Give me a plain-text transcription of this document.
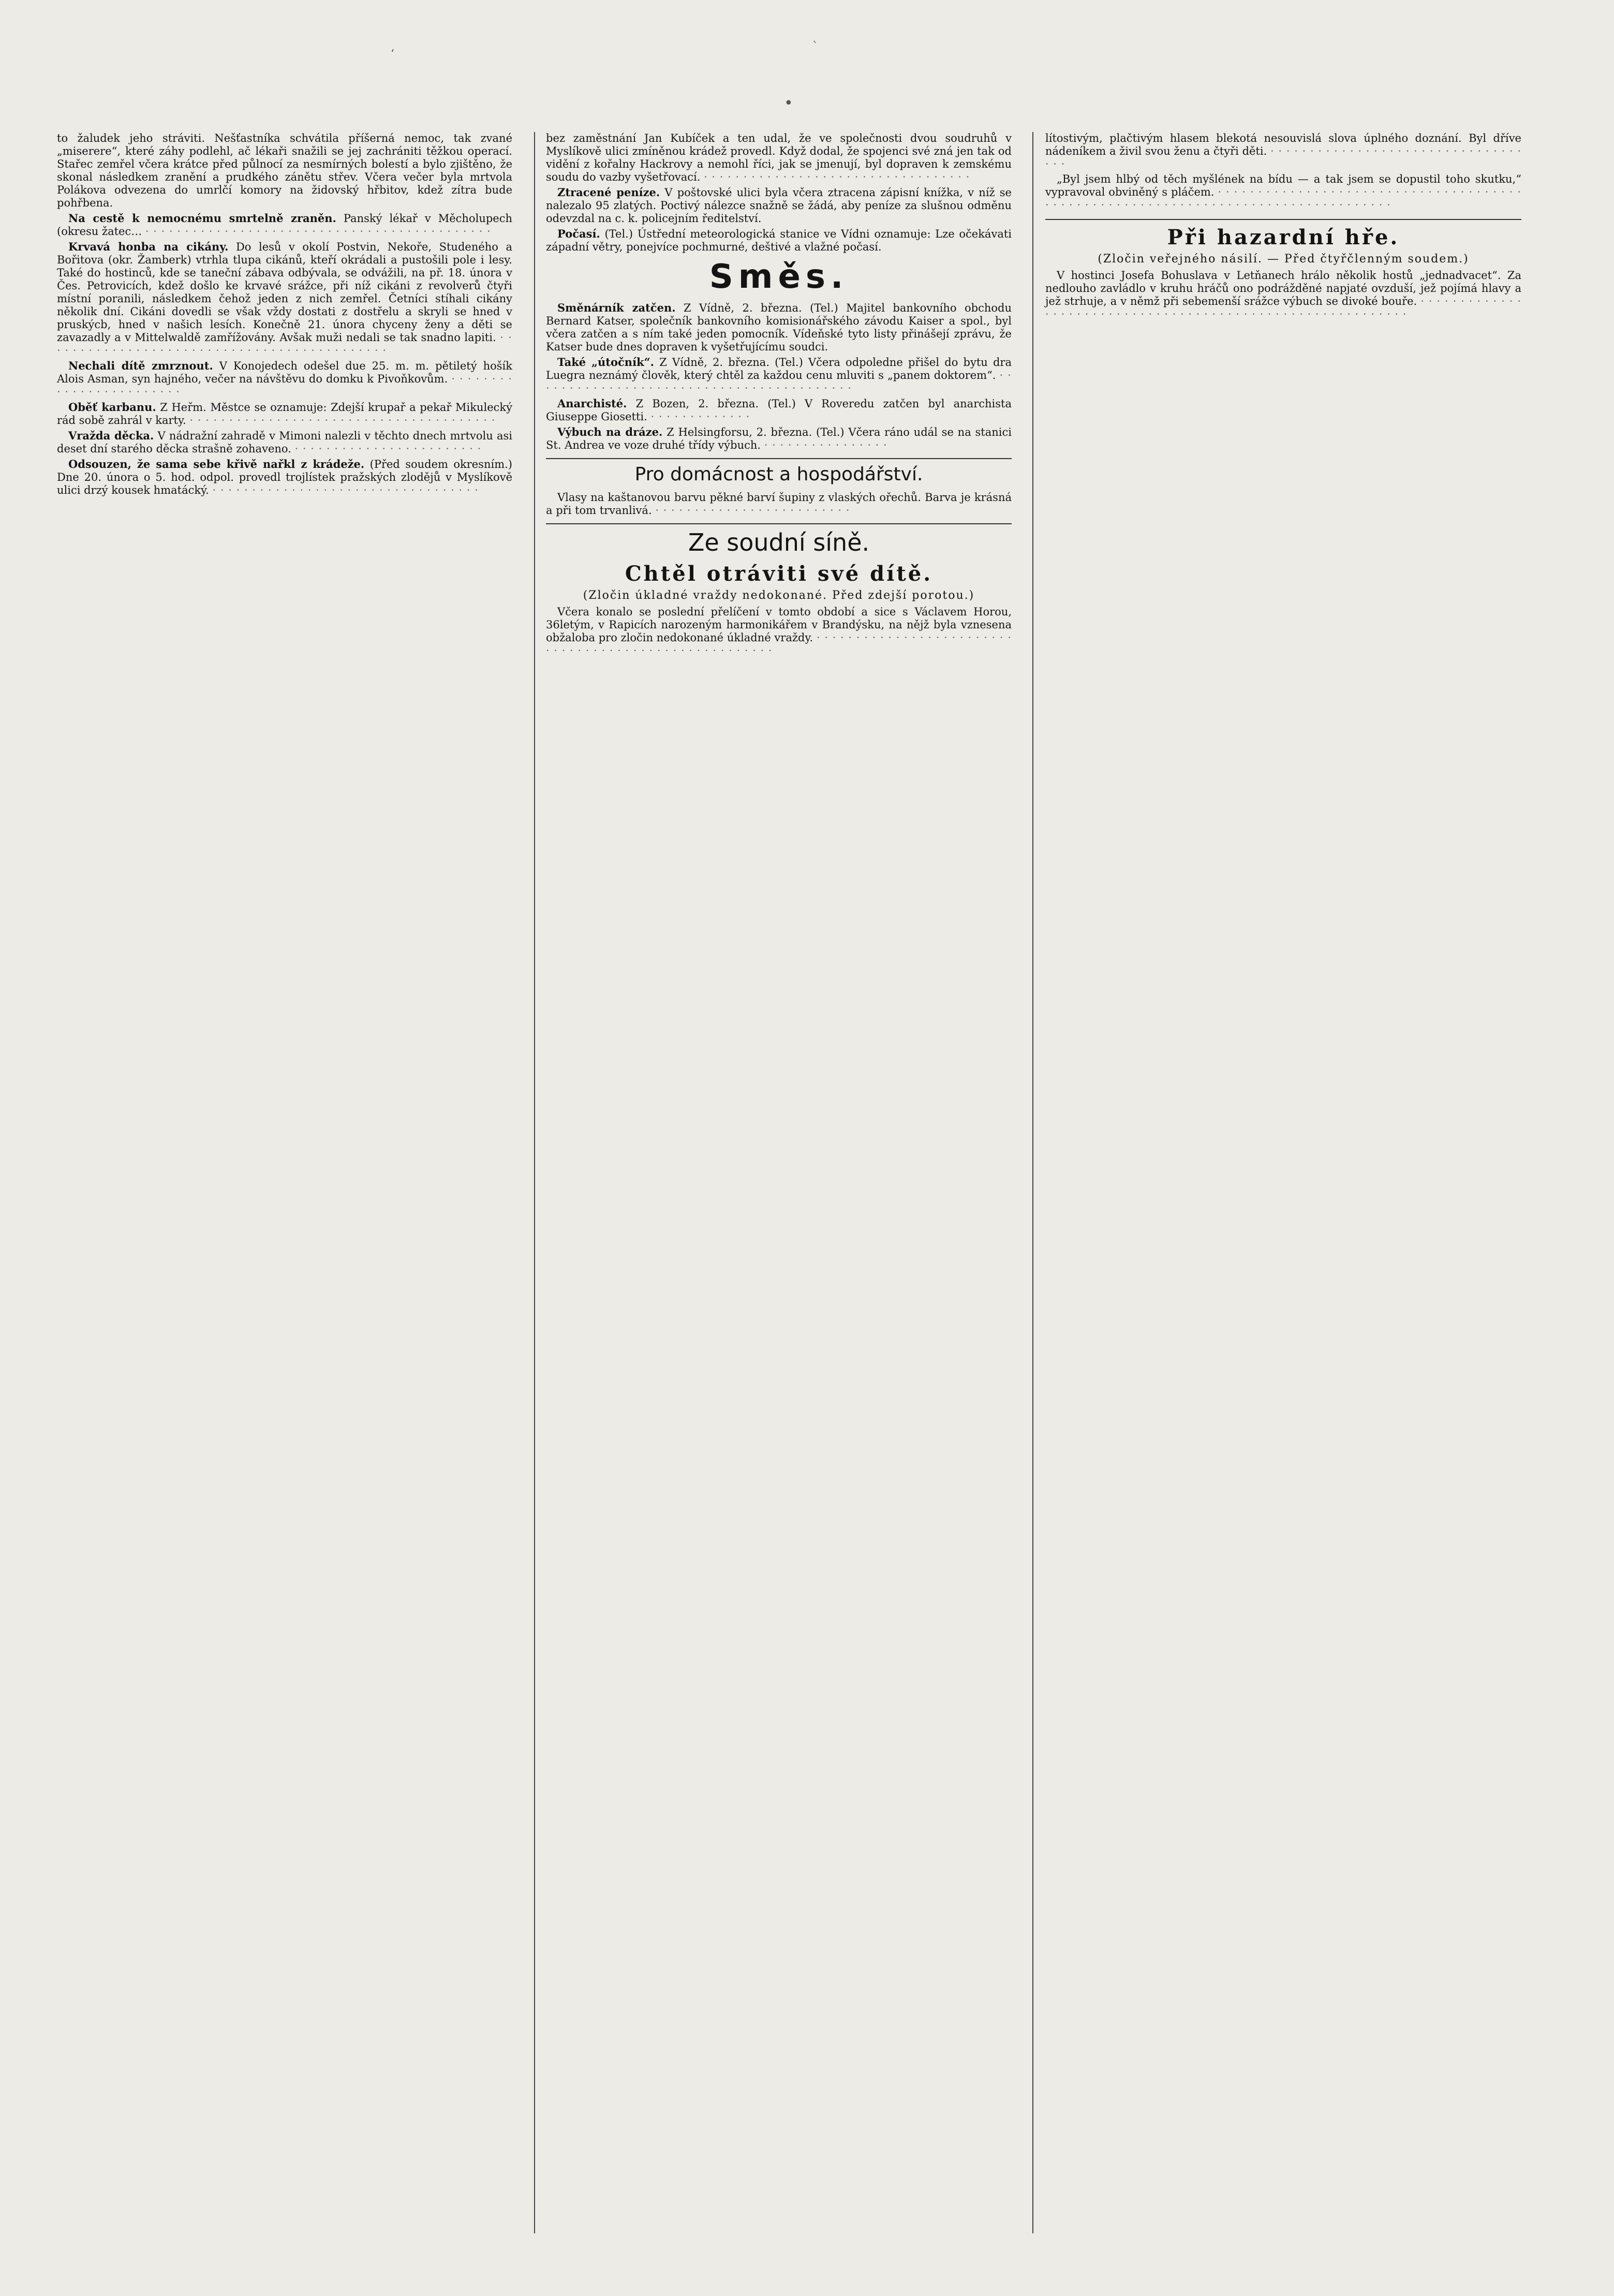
ʻ
•
ˋ

to žaludek jeho stráviti. Nešťastníka schvátila příšerná nemoc, tak zvané „miserere“, které záhy podlehl, ač lékaři snažili se jej zachrániti těžkou operací. Stařec zemřel včera krátce před půlnocí za nesmírných bolestí a bylo zjištěno, že skonal následkem zranění a prudkého zánětu střev. Včera večer byla mrtvola Polákova odvezena do umrlčí komory na židovský hřbitov, kdež zítra bude pohřbena.

Na cestě k nemocnému smrtelně zraněn. Panský lékař v Měcholupech (okresu žatec… · · · · · · · · · · · · · · · · · · · · · · · · · · · · · · · · · · · · · · · · · · · ·

Krvavá honba na cikány. Do lesů v okolí Postvin, Nekoře, Studeného a Bořitova (okr. Žamberk) vtrhla tlupa cikánů, kteří okrádali a pustošili pole i lesy. Také do hostinců, kde se taneční zábava odbývala, se odvážili, na př. 18. února v Čes. Petrovicích, kdež došlo ke krvavé srážce, při níž cikáni z revolverů čtyři místní poranili, následkem čehož jeden z nich zemřel. Četníci stíhali cikány několik dní. Cikáni dovedli se však vždy dostati z dostřelu a skryli se hned v pruskýcb, hned v našich lesích. Konečně 21. února chyceny ženy a děti se zavazadly a v Mittelwaldě zamřížovány. Avšak muži nedali se tak snadno lapiti. · · · · · · · · · · · · · · · · · · · · · · · · · · · · · · · · · · · · · · · · · · · ·

Nechali dítě zmrznout. V Konojedech odešel due 25. m. m. pětiletý hošík Alois Asman, syn hajného, večer na návštěvu do domku k Pivoňkovům. · · · · · · · · · · · · · · · · · · · · · · · ·

Oběť karbanu. Z Heřm. Městce se oznamuje: Zdejší krupař a pekař Mikulecký rád sobě zahrál v karty. · · · · · · · · · · · · · · · · · · · · · · · · · · · · · · · · · · · · · · ·

Vražda děcka. V nádražní zahradě v Mimoni nalezli v těchto dnech mrtvolu asi deset dní starého děcka strašně zohaveno. · · · · · · · · · · · · · · · · · · · · · · · ·

Odsouzen, že sama sebe křivě nařkl z krádeže. (Před soudem okresním.) Dne 20. února o 5. hod. odpol. provedl trojlístek pražských zlodějů v Myslíkově ulici drzý kousek hmatácký. · · · · · · · · · · · · · · · · · · · · · · · · · · · · · · · · · ·

bez zaměstnání Jan Kubíček a ten udal, že ve společnosti dvou soudruhů v Myslíkově ulici zmíněnou krádež provedl. Když dodal, že spojenci své zná jen tak od vidění z kořalny Hackrovy a nemohl říci, jak se jmenují, byl dopraven k zemskému soudu do vazby vyšetřovací. · · · · · · · · · · · · · · · · · · · · · · · · · · · · · · · · · ·

Ztracené peníze. V poštovské ulici byla včera ztracena zápisní knížka, v níž se nalezalo 95 zlatých. Poctivý nálezce snažně se žádá, aby peníze za slušnou odměnu odevzdal na c. k. policejním ředitelství.

Počasí. (Tel.) Ústřední meteorologická stanice ve Vídni oznamuje: Lze očekávati západní větry, ponejvíce pochmurné, deštivé a vlažné počasí.

Směs.

Směnárník zatčen. Z Vídně, 2. března. (Tel.) Majitel bankovního obchodu Bernard Katser, společník bankovního komisionářského závodu Kaiser a spol., byl včera zatčen a s ním také jeden pomocník. Vídeňské tyto listy přinášejí zprávu, že Katser bude dnes dopraven k vyšetřujícímu soudci.

Také „útočník“. Z Vídně, 2. března. (Tel.) Včera odpoledne přišel do bytu dra Luegra neznámý člověk, který chtěl za každou cenu mluviti s „panem doktorem“. · · · · · · · · · · · · · · · · · · · · · · · · · · · · · · · · · · · · · · · · ·

Anarchisté. Z Bozen, 2. března. (Tel.) V Roveredu zatčen byl anarchista Giuseppe Giosetti. · · · · · · · · · · · · ·

Výbuch na dráze. Z Helsingforsu, 2. března. (Tel.) Včera ráno udál se na stanici St. Andrea ve voze druhé třídy výbuch. · · · · · · · · · · · · · · · ·

Pro domácnost a hospodářství.

Vlasy na kaštanovou barvu pěkné barví šupiny z vlaských ořechů. Barva je krásná a při tom trvanlivá. · · · · · · · · · · · · · · · · · · · · · · · · ·

Ze soudní síně.
Chtěl otráviti své dítě.
(Zločin úkladné vraždy nedokonané. Před zdejší porotou.)

Včera konalo se poslední přelíčení v tomto období a sice s Václavem Horou, 36letým, v Rapicích narozeným harmonikářem v Brandýsku, na nějž byla vznesena obžaloba pro zločin nedokonané úkladné vraždy. · · · · · · · · · · · · · · · · · · · · · · · · · · · · · · · · · · · · · · · · · · · · · · · · · · · · · ·

lítostivým, plačtivým hlasem blekotá nesouvislá slova úplného doznání. Byl dříve nádeníkem a živil svou ženu a čtyři děti. · · · · · · · · · · · · · · · · · · · · · · · · · · · · · · · · · · ·

„Byl jsem hlbý od těch myšlének na bídu — a tak jsem se dopustil toho skutku,“ vypravoval obviněný s pláčem. · · · · · · · · · · · · · · · · · · · · · · · · · · · · · · · · · · · · · · · · · · · · · · · · · · · · · · · · · · · · · · · · · · · · · · · · · · · · · · · · · ·

Při hazardní hře.
(Zločin veřejného násilí. — Před čtyřčlenným soudem.)

V hostinci Josefa Bohuslava v Letňanech hrálo několik hostů „jednadvacet“. Za nedlouho zavládlo v kruhu hráčů ono podrážděné napjaté ovzduší, jež pojímá hlavy a jež strhuje, a v němž při sebemenší srážce výbuch se divoké bouře. · · · · · · · · · · · · · · · · · · · · · · · · · · · · · · · · · · · · · · · · · · · · · · · · · · · · · · · · · · ·
